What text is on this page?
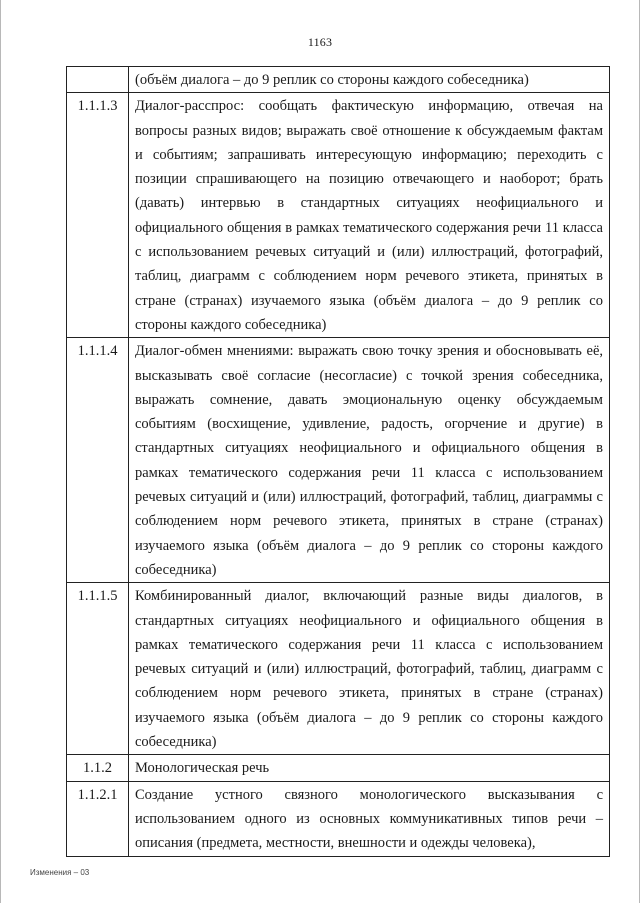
1163
	(объём диалога – до 9 реплик со стороны каждого собеседника)
1.1.1.3	Диалог-расспрос: сообщать фактическую информацию, отвечая на вопросы разных видов; выражать своё отношение к обсуждаемым фактам и событиям; запрашивать интересующую информацию; переходить с позиции спрашивающего на позицию отвечающего и наоборот; брать (давать) интервью в стандартных ситуациях неофициального и официального общения в рамках тематического содержания речи 11 класса с использованием речевых ситуаций и (или) иллюстраций, фотографий, таблиц, диаграмм с соблюдением норм речевого этикета, принятых в стране (странах) изучаемого языка (объём диалога – до 9 реплик со стороны каждого собеседника)
1.1.1.4	Диалог-обмен мнениями: выражать свою точку зрения и обосновывать её, высказывать своё согласие (несогласие) с точкой зрения собеседника, выражать сомнение, давать эмоциональную оценку обсуждаемым событиям (восхищение, удивление, радость, огорчение и другие) в стандартных ситуациях неофициального и официального общения в рамках тематического содержания речи 11 класса с использованием речевых ситуаций и (или) иллюстраций, фотографий, таблиц, диаграммы с соблюдением норм речевого этикета, принятых в стране (странах) изучаемого языка (объём диалога – до 9 реплик со стороны каждого собеседника)
1.1.1.5	Комбинированный диалог, включающий разные виды диалогов, в стандартных ситуациях неофициального и официального общения в рамках тематического содержания речи 11 класса с использованием речевых ситуаций и (или) иллюстраций, фотографий, таблиц, диаграмм с соблюдением норм речевого этикета, принятых в стране (странах) изучаемого языка (объём диалога – до 9 реплик со стороны каждого собеседника)
1.1.2	Монологическая речь
1.1.2.1	Создание устного связного монологического высказывания с использованием одного из основных коммуникативных типов речи – описания (предмета, местности, внешности и одежды человека),
Изменения – 03
